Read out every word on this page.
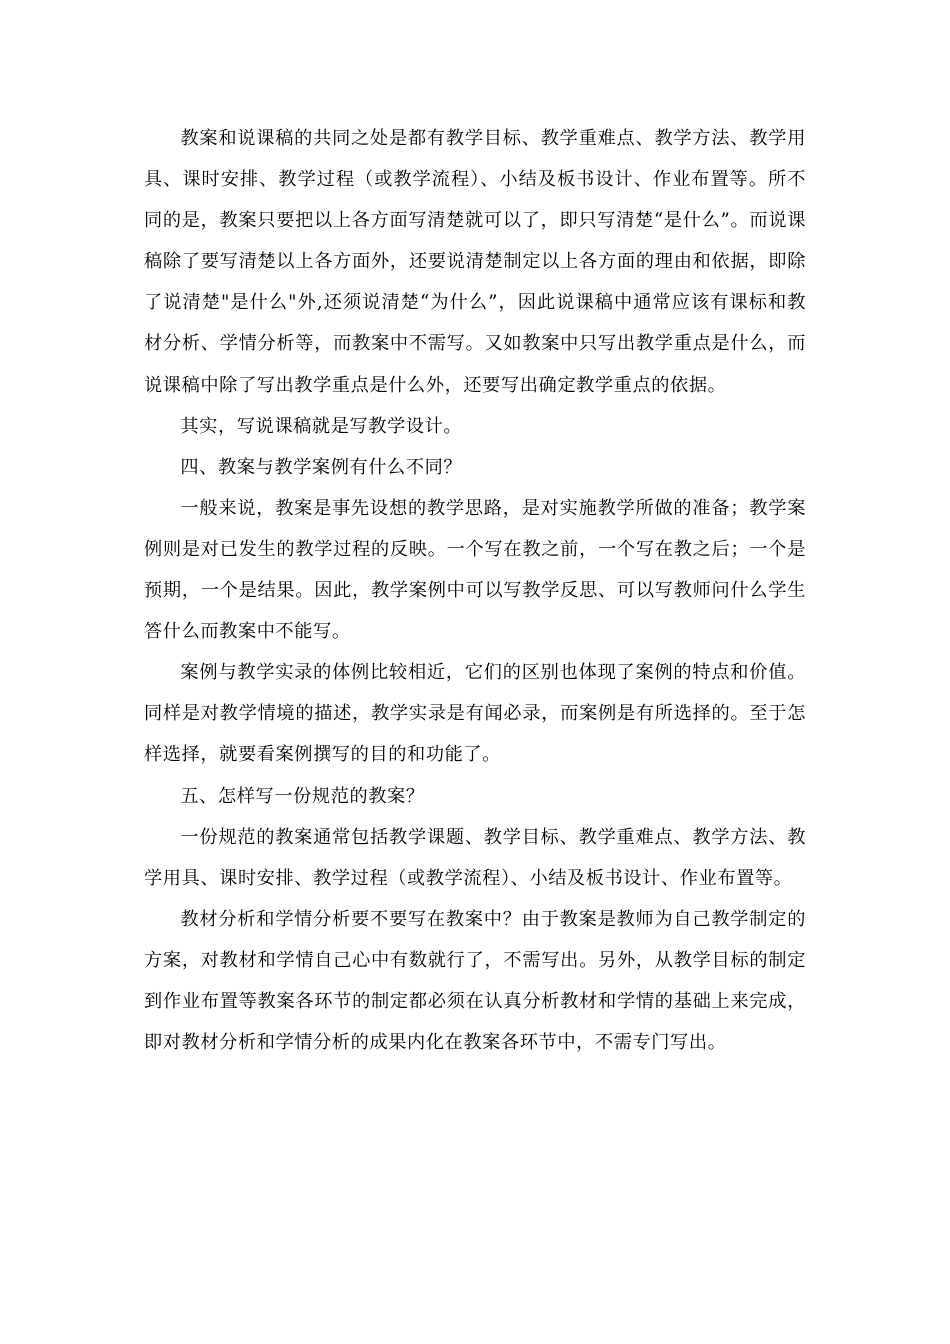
教案和说课稿的共同之处是都有教学目标、教学重难点、教学方法、教学用具、课时安排、教学过程（或教学流程）、小结及板书设计、作业布置等。所不同的是，教案只要把以上各方面写清楚就可以了，即只写清楚“是什么”。而说课稿除了要写清楚以上各方面外，还要说清楚制定以上各方面的理由和依据，即除了说清楚"是什么"外,还须说清楚“为什么”，因此说课稿中通常应该有课标和教材分析、学情分析等，而教案中不需写。又如教案中只写出教学重点是什么，而说课稿中除了写出教学重点是什么外，还要写出确定教学重点的依据。

其实，写说课稿就是写教学设计。

四、教案与教学案例有什么不同？

一般来说，教案是事先设想的教学思路，是对实施教学所做的准备；教学案例则是对已发生的教学过程的反映。一个写在教之前，一个写在教之后；一个是预期，一个是结果。因此，教学案例中可以写教学反思、可以写教师问什么学生答什么而教案中不能写。

案例与教学实录的体例比较相近，它们的区别也体现了案例的特点和价值。同样是对教学情境的描述，教学实录是有闻必录，而案例是有所选择的。至于怎样选择，就要看案例撰写的目的和功能了。

五、怎样写一份规范的教案？

一份规范的教案通常包括教学课题、教学目标、教学重难点、教学方法、教学用具、课时安排、教学过程（或教学流程）、小结及板书设计、作业布置等。

教材分析和学情分析要不要写在教案中？由于教案是教师为自己教学制定的方案，对教材和学情自己心中有数就行了，不需写出。另外，从教学目标的制定到作业布置等教案各环节的制定都必须在认真分析教材和学情的基础上来完成，即对教材分析和学情分析的成果内化在教案各环节中，不需专门写出。
